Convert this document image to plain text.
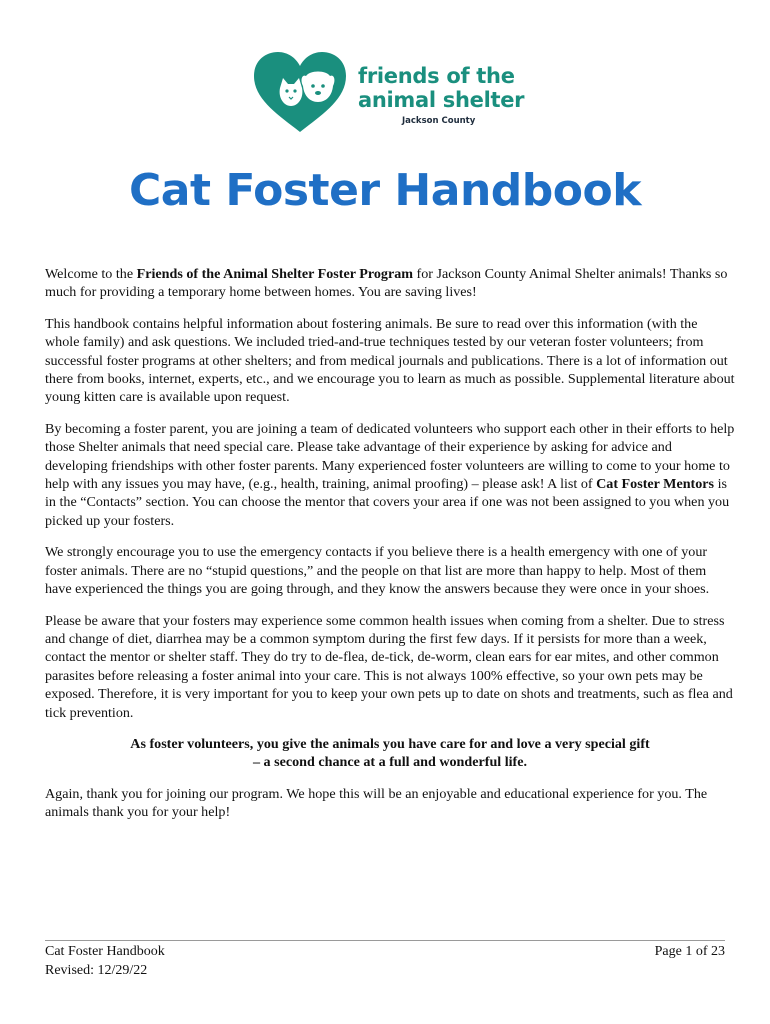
friends of the
animal shelter
Jackson County
Cat Foster Handbook

Welcome to the Friends of the Animal Shelter Foster Program for Jackson County Animal Shelter animals! Thanks so much for providing a temporary home between homes. You are saving lives!

This handbook contains helpful information about fostering animals. Be sure to read over this information (with the whole family) and ask questions. We included tried-and-true techniques tested by our veteran foster volunteers; from successful foster programs at other shelters; and from medical journals and publications. There is a lot of information out there from books, internet, experts, etc., and we encourage you to learn as much as possible. Supplemental literature about young kitten care is available upon request.

By becoming a foster parent, you are joining a team of dedicated volunteers who support each other in their efforts to help those Shelter animals that need special care. Please take advantage of their experience by asking for advice and developing friendships with other foster parents. Many experienced foster volunteers are willing to come to your home to help with any issues you may have, (e.g., health, training, animal proofing) – please ask! A list of Cat Foster Mentors is in the “Contacts” section. You can choose the mentor that covers your area if one was not been assigned to you when you picked up your fosters.

We strongly encourage you to use the emergency contacts if you believe there is a health emergency with one of your foster animals. There are no “stupid questions,” and the people on that list are more than happy to help. Most of them have experienced the things you are going through, and they know the answers because they were once in your shoes.

Please be aware that your fosters may experience some common health issues when coming from a shelter. Due to stress and change of diet, diarrhea may be a common symptom during the first few days. If it persists for more than a week, contact the mentor or shelter staff. They do try to de-flea, de-tick, de-worm, clean ears for ear mites, and other common parasites before releasing a foster animal into your care. This is not always 100% effective, so your own pets may be exposed. Therefore, it is very important for you to keep your own pets up to date on shots and treatments, such as flea and tick prevention.

As foster volunteers, you give the animals you have care for and love a very special gift
– a second chance at a full and wonderful life.

Again, thank you for joining our program. We hope this will be an enjoyable and educational experience for you. The animals thank you for your help!

Cat Foster Handbook
Revised: 12/29/22
Page 1 of 23
